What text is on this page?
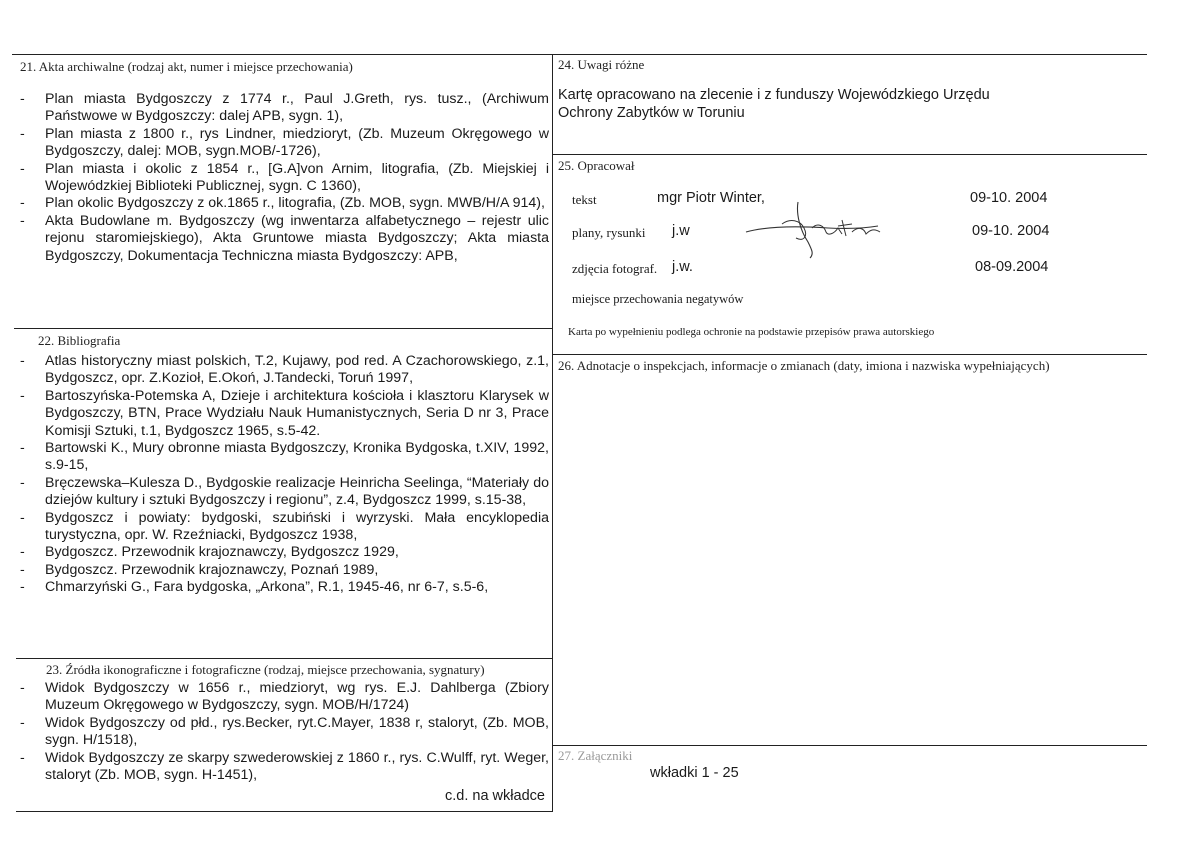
21. Akta archiwalne (rodzaj akt, numer i miejsce przechowania)
- Plan miasta Bydgoszczy z 1774 r., Paul J.Greth, rys. tusz., (Archiwum Państwowe w Bydgoszczy: dalej APB, sygn. 1),
- Plan miasta z 1800 r., rys Lindner, miedzioryt, (Zb. Muzeum Okręgowego w Bydgoszczy, dalej: MOB, sygn.MOB/-1726),
- Plan miasta i okolic z 1854 r., [G.A]von Arnim, litografia, (Zb. Miejskiej i Wojewódzkiej Biblioteki Publicznej, sygn. C 1360),
- Plan okolic Bydgoszczy z ok.1865 r., litografia, (Zb. MOB, sygn. MWB/H/A 914),
- Akta Budowlane m. Bydgoszczy (wg inwentarza alfabetycznego – rejestr ulic rejonu staromiejskiego), Akta Gruntowe miasta Bydgoszczy; Akta miasta Bydgoszczy, Dokumentacja Techniczna miasta Bydgoszczy: APB,
22. Bibliografia
- Atlas historyczny miast polskich, T.2, Kujawy, pod red. A Czachorowskiego, z.1, Bydgoszcz, opr. Z.Kozioł, E.Okoń, J.Tandecki, Toruń 1997,
- Bartoszyńska-Potemska A, Dzieje i architektura kościoła i klasztoru Klarysek w Bydgoszczy, BTN, Prace Wydziału Nauk Humanistycznych, Seria D nr 3, Prace Komisji Sztuki, t.1, Bydgoszcz 1965, s.5-42.
- Bartowski K., Mury obronne miasta Bydgoszczy, Kronika Bydgoska, t.XIV, 1992, s.9-15,
- Bręczewska–Kulesza D., Bydgoskie realizacje Heinricha Seelinga, “Materiały do dziejów kultury i sztuki Bydgoszczy i regionu”, z.4, Bydgoszcz 1999, s.15-38,
- Bydgoszcz i powiaty: bydgoski, szubiński i wyrzyski. Mała encyklopedia turystyczna, opr. W. Rzeźniacki, Bydgoszcz 1938,
- Bydgoszcz. Przewodnik krajoznawczy, Bydgoszcz 1929,
- Bydgoszcz. Przewodnik krajoznawczy, Poznań 1989,
- Chmarzyński G., Fara bydgoska, „Arkona”, R.1, 1945-46, nr 6-7, s.5-6,
23. Źródła ikonograficzne i fotograficzne (rodzaj, miejsce przechowania, sygnatury)
- Widok Bydgoszczy w 1656 r., miedzioryt, wg rys. E.J. Dahlberga (Zbiory Muzeum Okręgowego w Bydgoszczy, sygn. MOB/H/1724)
- Widok Bydgoszczy od płd., rys.Becker, ryt.C.Mayer, 1838 r, staloryt, (Zb. MOB, sygn. H/1518),
- Widok Bydgoszczy ze skarpy szwederowskiej z 1860 r., rys. C.Wulff, ryt. Weger, staloryt (Zb. MOB, sygn. H-1451),
c.d. na wkładce
24. Uwagi różne
Kartę opracowano na zlecenie i z funduszy Wojewódzkiego Urzędu
Ochrony Zabytków w Toruniu
25. Opracował
tekst	mgr Piotr Winter,	09-10. 2004
plany, rysunki j.w	09-10. 2004
zdjęcia fotograf. j.w.	08-09.2004
miejsce przechowania negatywów
Karta po wypełnieniu podlega ochronie na podstawie przepisów prawa autorskiego
26. Adnotacje o inspekcjach, informacje o zmianach (daty, imiona i nazwiska wypełniających)
27. Załączniki
wkładki 1 - 25
